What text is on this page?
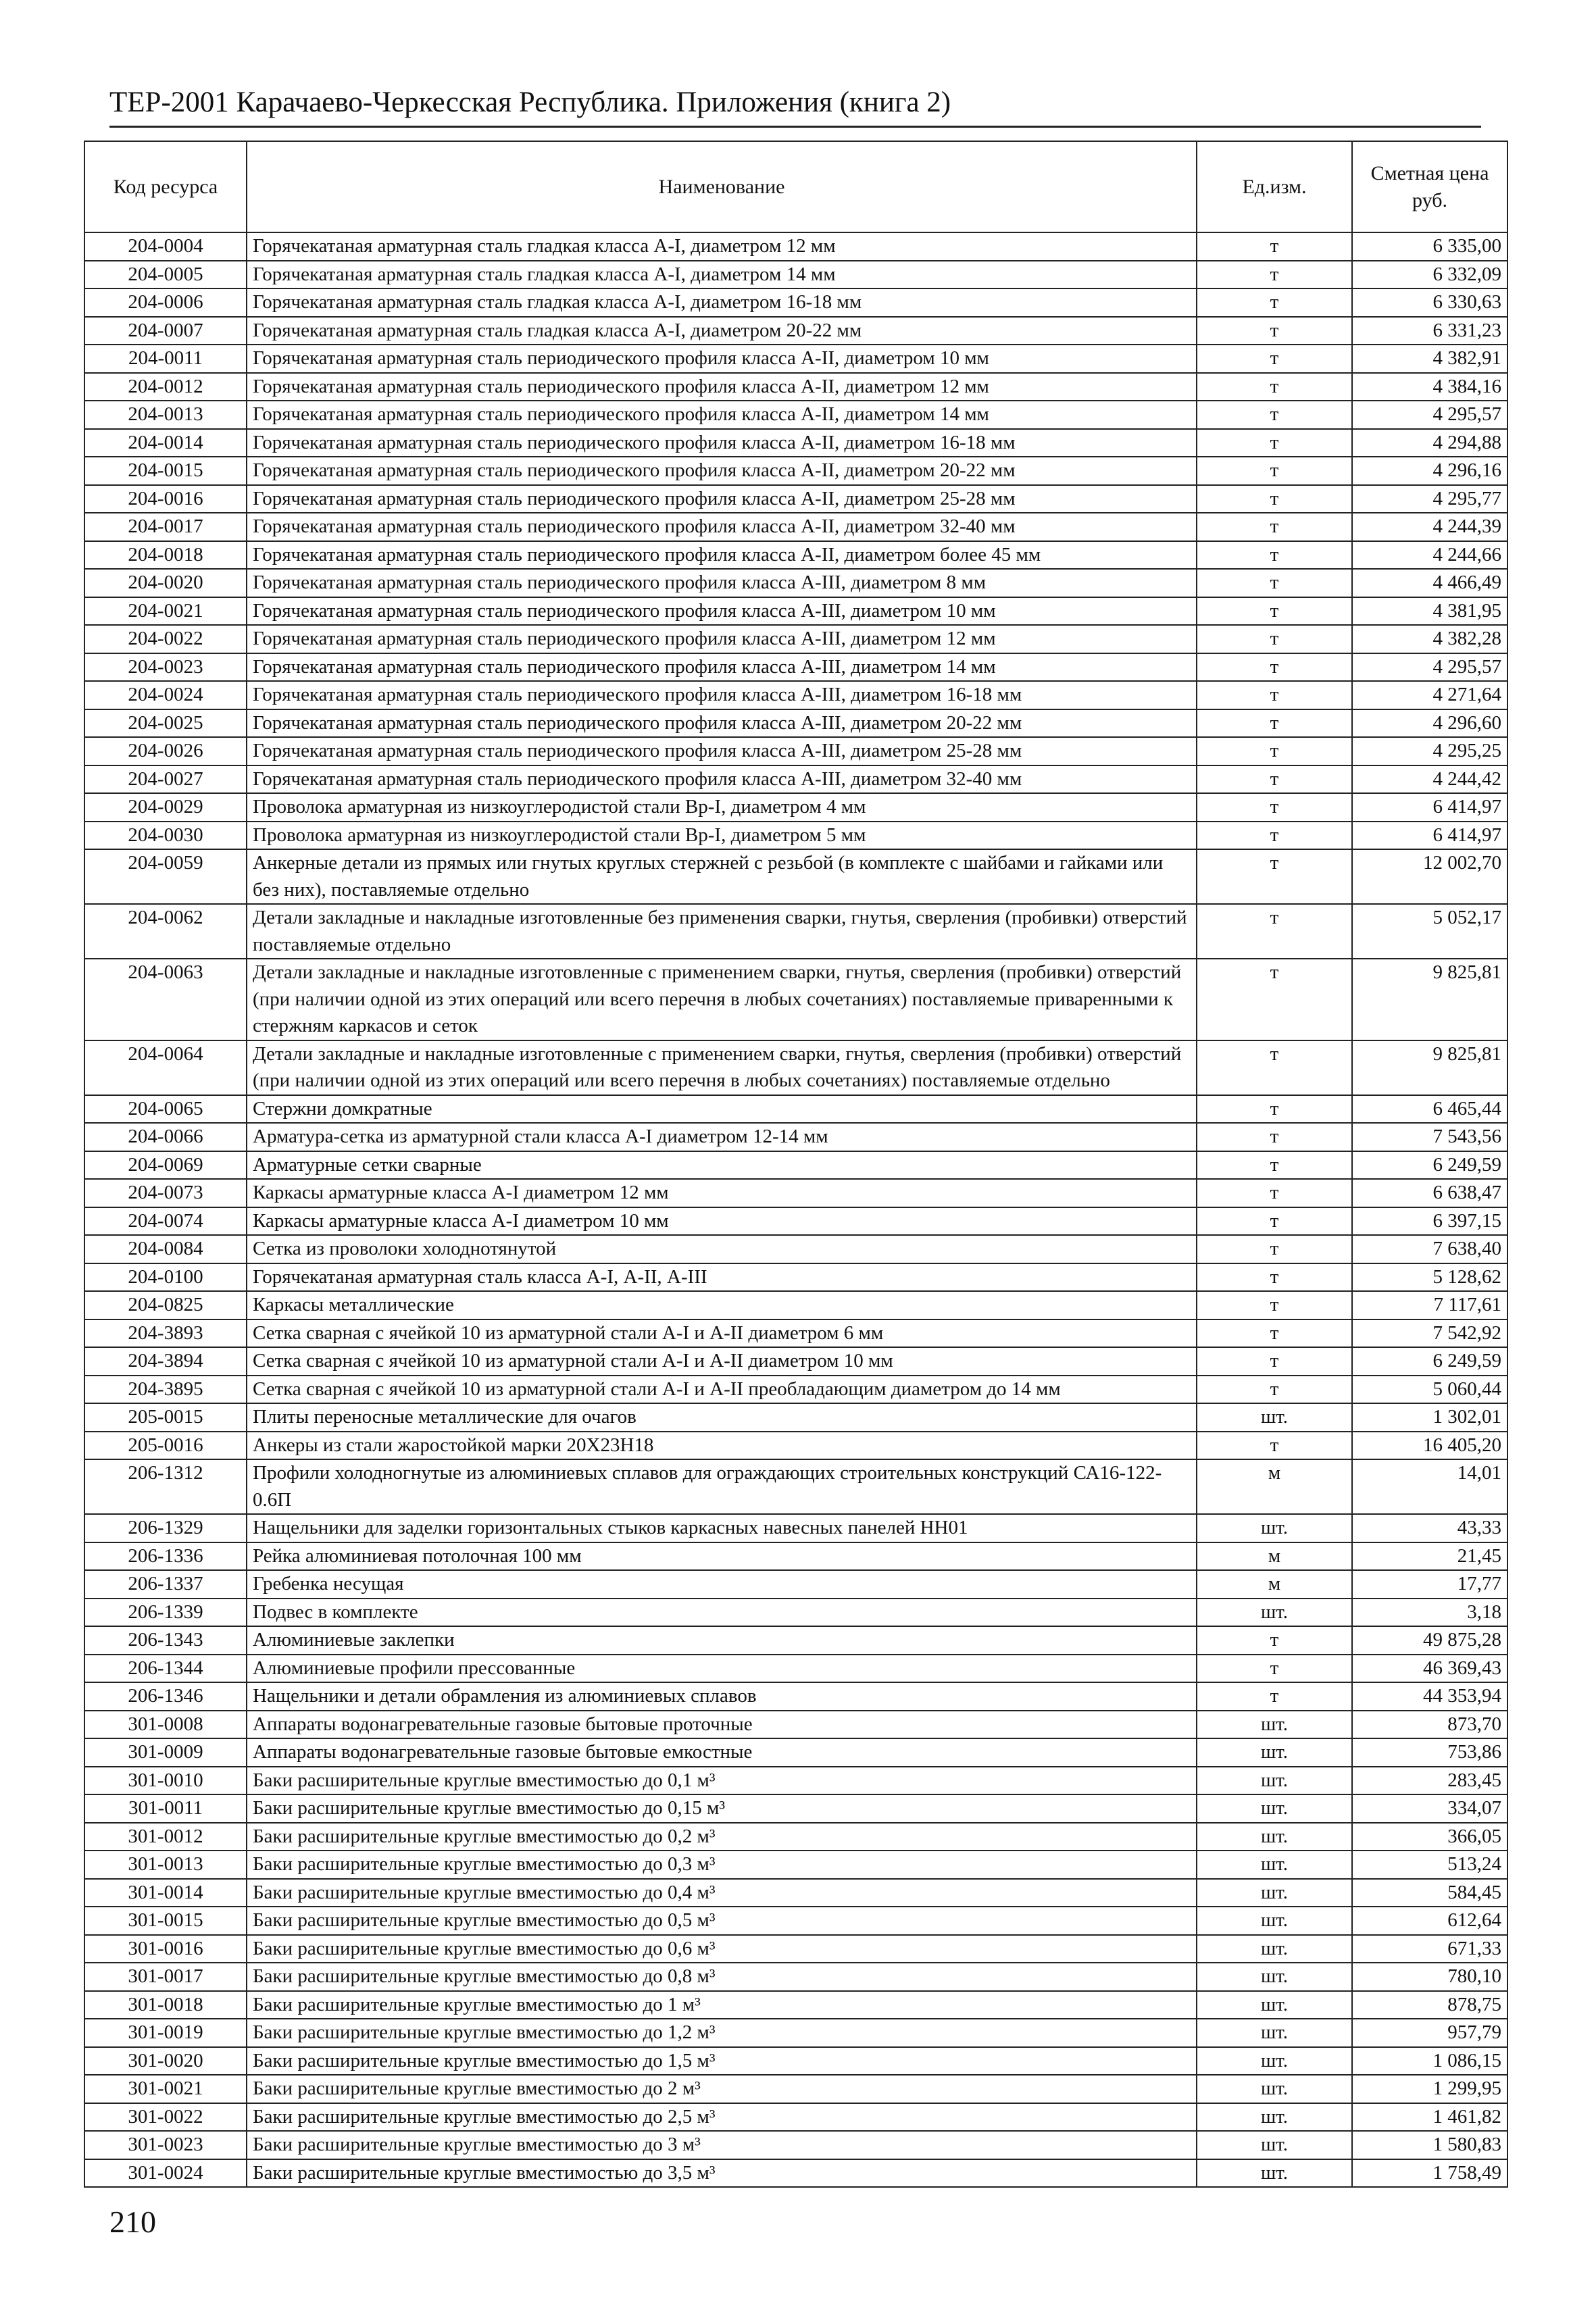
ТЕР-2001 Карачаево-Черкесская Республика. Приложения (книга 2)
Код ресурса	Наименование	Ед.изм.	Сметная цена руб.
204-0004	Горячекатаная арматурная сталь гладкая класса А-I, диаметром 12 мм	т	6 335,00
204-0005	Горячекатаная арматурная сталь гладкая класса А-I, диаметром 14 мм	т	6 332,09
204-0006	Горячекатаная арматурная сталь гладкая класса А-I, диаметром 16-18 мм	т	6 330,63
204-0007	Горячекатаная арматурная сталь гладкая класса А-I, диаметром 20-22 мм	т	6 331,23
204-0011	Горячекатаная арматурная сталь периодического профиля класса А-II, диаметром 10 мм	т	4 382,91
204-0012	Горячекатаная арматурная сталь периодического профиля класса А-II, диаметром 12 мм	т	4 384,16
204-0013	Горячекатаная арматурная сталь периодического профиля класса А-II, диаметром 14 мм	т	4 295,57
204-0014	Горячекатаная арматурная сталь периодического профиля класса А-II, диаметром 16-18 мм	т	4 294,88
204-0015	Горячекатаная арматурная сталь периодического профиля класса А-II, диаметром 20-22 мм	т	4 296,16
204-0016	Горячекатаная арматурная сталь периодического профиля класса А-II, диаметром 25-28 мм	т	4 295,77
204-0017	Горячекатаная арматурная сталь периодического профиля класса А-II, диаметром 32-40 мм	т	4 244,39
204-0018	Горячекатаная арматурная сталь периодического профиля класса А-II, диаметром более 45 мм	т	4 244,66
204-0020	Горячекатаная арматурная сталь периодического профиля класса А-III, диаметром 8 мм	т	4 466,49
204-0021	Горячекатаная арматурная сталь периодического профиля класса А-III, диаметром 10 мм	т	4 381,95
204-0022	Горячекатаная арматурная сталь периодического профиля класса А-III, диаметром 12 мм	т	4 382,28
204-0023	Горячекатаная арматурная сталь периодического профиля класса А-III, диаметром 14 мм	т	4 295,57
204-0024	Горячекатаная арматурная сталь периодического профиля класса А-III, диаметром 16-18 мм	т	4 271,64
204-0025	Горячекатаная арматурная сталь периодического профиля класса А-III, диаметром 20-22 мм	т	4 296,60
204-0026	Горячекатаная арматурная сталь периодического профиля класса А-III, диаметром 25-28 мм	т	4 295,25
204-0027	Горячекатаная арматурная сталь периодического профиля класса А-III, диаметром 32-40 мм	т	4 244,42
204-0029	Проволока арматурная из низкоуглеродистой стали Вр-I, диаметром 4 мм	т	6 414,97
204-0030	Проволока арматурная из низкоуглеродистой стали Вр-I, диаметром 5 мм	т	6 414,97
204-0059	Анкерные детали из прямых или гнутых круглых стержней с резьбой (в комплекте с шайбами и гайками или без них), поставляемые отдельно	т	12 002,70
204-0062	Детали закладные и накладные изготовленные без применения сварки, гнутья, сверления (пробивки) отверстий поставляемые отдельно	т	5 052,17
204-0063	Детали закладные и накладные изготовленные с применением сварки, гнутья, сверления (пробивки) отверстий (при наличии одной из этих операций или всего перечня в любых сочетаниях) поставляемые приваренными к стержням каркасов и сеток	т	9 825,81
204-0064	Детали закладные и накладные изготовленные с применением сварки, гнутья, сверления (пробивки) отверстий (при наличии одной из этих операций или всего перечня в любых сочетаниях) поставляемые отдельно	т	9 825,81
204-0065	Стержни домкратные	т	6 465,44
204-0066	Арматура-сетка из арматурной стали класса А-I диаметром 12-14 мм	т	7 543,56
204-0069	Арматурные сетки сварные	т	6 249,59
204-0073	Каркасы арматурные класса А-I диаметром 12 мм	т	6 638,47
204-0074	Каркасы арматурные класса А-I диаметром 10 мм	т	6 397,15
204-0084	Сетка из проволоки холоднотянутой	т	7 638,40
204-0100	Горячекатаная арматурная сталь класса А-I, А-II, А-III	т	5 128,62
204-0825	Каркасы металлические	т	7 117,61
204-3893	Сетка сварная с ячейкой 10 из арматурной стали А-I и А-II диаметром 6 мм	т	7 542,92
204-3894	Сетка сварная с ячейкой 10 из арматурной стали А-I и А-II диаметром 10 мм	т	6 249,59
204-3895	Сетка сварная с ячейкой 10 из арматурной стали А-I и А-II преобладающим диаметром до 14 мм	т	5 060,44
205-0015	Плиты переносные металлические для очагов	шт.	1 302,01
205-0016	Анкеры из стали жаростойкой марки 20Х23Н18	т	16 405,20
206-1312	Профили холодногнутые из алюминиевых сплавов для ограждающих строительных конструкций СА16-122-0.6П	м	14,01
206-1329	Нащельники для заделки горизонтальных стыков каркасных навесных панелей НН01	шт.	43,33
206-1336	Рейка алюминиевая потолочная 100 мм	м	21,45
206-1337	Гребенка несущая	м	17,77
206-1339	Подвес в комплекте	шт.	3,18
206-1343	Алюминиевые заклепки	т	49 875,28
206-1344	Алюминиевые профили прессованные	т	46 369,43
206-1346	Нащельники и детали обрамления из алюминиевых сплавов	т	44 353,94
301-0008	Аппараты водонагревательные газовые бытовые проточные	шт.	873,70
301-0009	Аппараты водонагревательные газовые бытовые емкостные	шт.	753,86
301-0010	Баки расширительные круглые вместимостью до 0,1 м³	шт.	283,45
301-0011	Баки расширительные круглые вместимостью до 0,15 м³	шт.	334,07
301-0012	Баки расширительные круглые вместимостью до 0,2 м³	шт.	366,05
301-0013	Баки расширительные круглые вместимостью до 0,3 м³	шт.	513,24
301-0014	Баки расширительные круглые вместимостью до 0,4 м³	шт.	584,45
301-0015	Баки расширительные круглые вместимостью до 0,5 м³	шт.	612,64
301-0016	Баки расширительные круглые вместимостью до 0,6 м³	шт.	671,33
301-0017	Баки расширительные круглые вместимостью до 0,8 м³	шт.	780,10
301-0018	Баки расширительные круглые вместимостью до 1 м³	шт.	878,75
301-0019	Баки расширительные круглые вместимостью до 1,2 м³	шт.	957,79
301-0020	Баки расширительные круглые вместимостью до 1,5 м³	шт.	1 086,15
301-0021	Баки расширительные круглые вместимостью до 2 м³	шт.	1 299,95
301-0022	Баки расширительные круглые вместимостью до 2,5 м³	шт.	1 461,82
301-0023	Баки расширительные круглые вместимостью до 3 м³	шт.	1 580,83
301-0024	Баки расширительные круглые вместимостью до 3,5 м³	шт.	1 758,49
210
